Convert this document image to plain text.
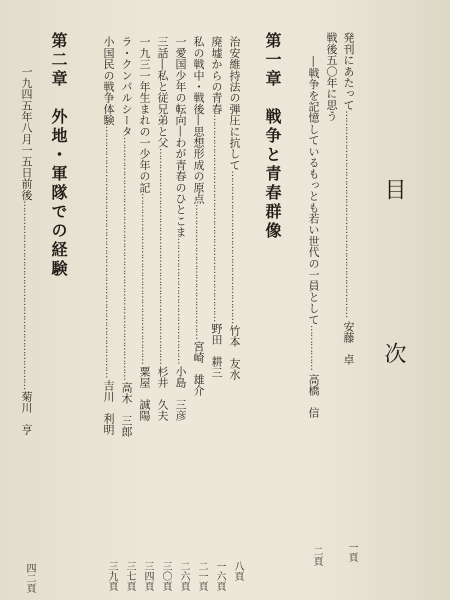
目　次
発刊にあたって……………………………………………………………安藤　卓
一頁
戦後五〇年に思う
―戦争を記憶しているもっとも若い世代の一員として……………高橋　信
二頁
第一章　戦争と青春群像
治安維持法の弾圧に抗して……………………………………………竹本　友水
八頁
廃墟からの青春……………………………………………………………野田　耕三
一六頁
私の戦中・戦後―思想形成の原点………………………………………宮崎　雄介
二一頁
一愛国少年の転向―わが青春のひとこま……………………………………小島　三彦
二六頁
三話―私と従兄弟と父………………………………………………………………杉井　久夫
三〇頁
一九三一年生まれの一少年の記…………………………………………………粟屋　誠陽
三四頁
ラ・クンパルシータ………………………………………………………………………高木　三郎
三七頁
小国民の戦争体験…………………………………………………………………………吉川　利明
三九頁
第二章　外地・軍隊での経験
一九四五年八月一五日前後………………………………………………………菊川　亨
四二頁
